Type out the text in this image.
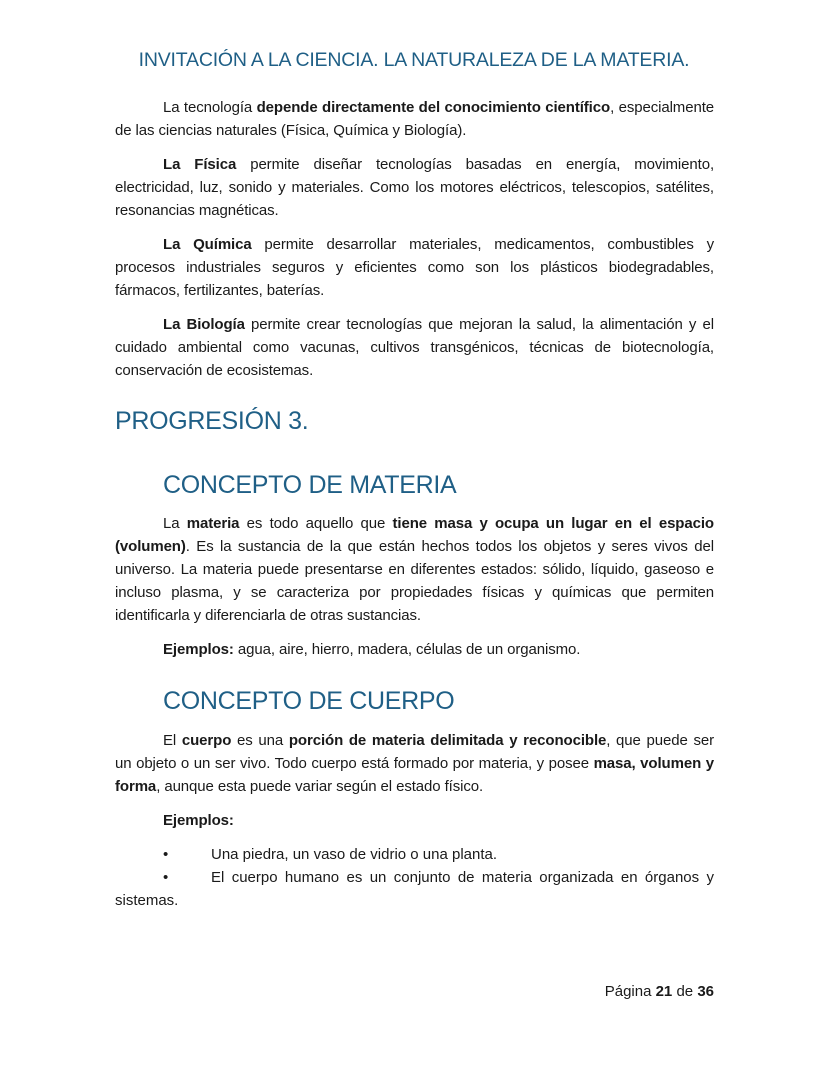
INVITACIÓN A LA CIENCIA. LA NATURALEZA DE LA MATERIA.

La tecnología depende directamente del conocimiento científico, especialmente de las ciencias naturales (Física, Química y Biología).

La Física permite diseñar tecnologías basadas en energía, movimiento, electricidad, luz, sonido y materiales. Como los motores eléctricos, telescopios, satélites, resonancias magnéticas.

La Química permite desarrollar materiales, medicamentos, combustibles y procesos industriales seguros y eficientes como son los plásticos biodegradables, fármacos, fertilizantes, baterías.

La Biología permite crear tecnologías que mejoran la salud, la alimentación y el cuidado ambiental como vacunas, cultivos transgénicos, técnicas de biotecnología, conservación de ecosistemas.

PROGRESIÓN 3.
CONCEPTO DE MATERIA

La materia es todo aquello que tiene masa y ocupa un lugar en el espacio (volumen). Es la sustancia de la que están hechos todos los objetos y seres vivos del universo. La materia puede presentarse en diferentes estados: sólido, líquido, gaseoso e incluso plasma, y se caracteriza por propiedades físicas y químicas que permiten identificarla y diferenciarla de otras sustancias.

Ejemplos: agua, aire, hierro, madera, células de un organismo.

CONCEPTO DE CUERPO

El cuerpo es una porción de materia delimitada y reconocible, que puede ser un objeto o un ser vivo. Todo cuerpo está formado por materia, y posee masa, volumen y forma, aunque esta puede variar según el estado físico.

Ejemplos:

•	Una piedra, un vaso de vidrio o una planta.
•	El cuerpo humano es un conjunto de materia organizada en órganos y sistemas.
Página 21 de 36
